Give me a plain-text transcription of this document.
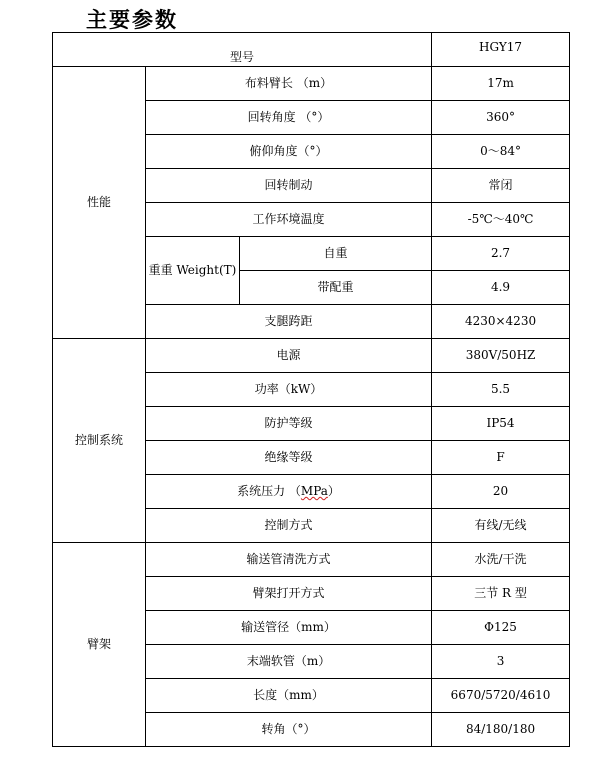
主要参数
型号			HGY17
性能	布料臂长 （m）		17m
	回转角度 （°）		360°
	俯仰角度（°）		0～84°
	回转制动		常闭
	工作环境温度		-5℃～40℃
	重重 Weight(T)	自重	2.7
		带配重	4.9
	支腿跨距		4230×4230
控制系统	电源		380V/50HZ
	功率（kW）		5.5
	防护等级		IP54
	绝缘等级		F
	系统压力 （MPa）		20
	控制方式		有线/无线
臂架	输送管清洗方式		水洗/干洗
	臂架打开方式		三节 R 型
	输送管径（mm）		Φ125
	末端软管（m）		3
	长度（mm）		6670/5720/4610
	转角（°）		84/180/180
